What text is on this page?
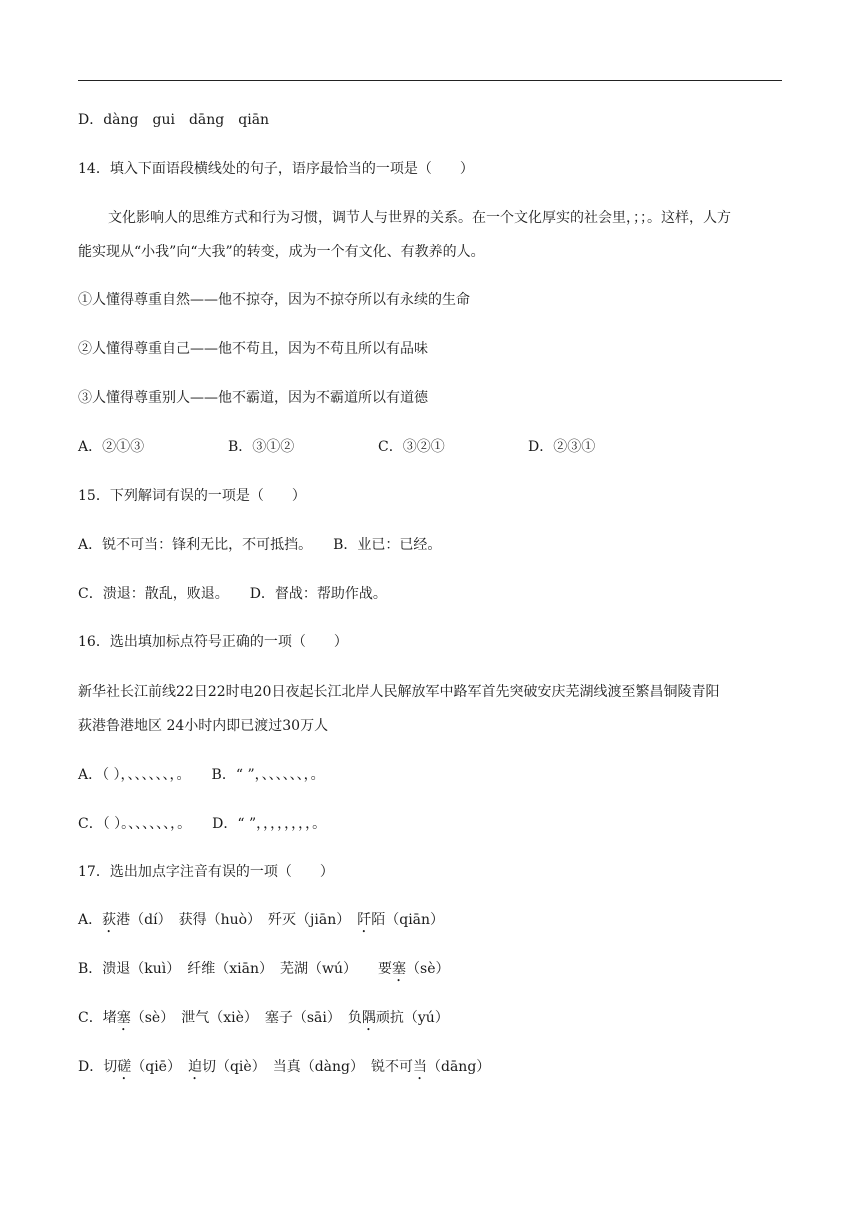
D．dàng　gui　dāng　qiān
14．填入下面语段横线处的句子，语序最恰当的一项是（　　）
文化影响人的思维方式和行为习惯，调节人与世界的关系。在一个文化厚实的社会里，；；。这样，人方
能实现从“小我”向“大我”的转变，成为一个有文化、有教养的人。
①人懂得尊重自然——他不掠夺，因为不掠夺所以有永续的生命
②人懂得尊重自己——他不苟且，因为不苟且所以有品味
③人懂得尊重别人——他不霸道，因为不霸道所以有道德
A．②①③	B．③①②	C．③②①	D．②③①
15．下列解词有误的一项是（　　）
A．锐不可当：锋利无比，不可抵挡。　　B．业已：已经。
C．溃退：散乱，败退。　　D．督战：帮助作战。
16．选出填加标点符号正确的一项（　　）
新华社长江前线22日22时电20日夜起长江北岸人民解放军中路军首先突破安庆芜湖线渡至繁昌铜陵青阳
荻港鲁港地区 24小时内即已渡过30万人
A．（ ），、、、、、、，。　　B．“ ”，、、、、、、，。
C．（ ）。、、、、、、，。　　D．“ ”，，，，，，，，。
17．选出加点字注音有误的一项（　　）
A．荻港（dí）　获得（huò）　歼灭（jiān）　阡陌（qiān）
B．溃退（kuì）　纤维（xiān）　芜湖（wú）　　要塞（sè）
C．堵塞（sè）　泄气（xiè）　塞子（sāi）　负隅顽抗（yú）
D．切磋（qiē）　 迫切（qiè）　当真（dàng）　锐不可当（dāng）
